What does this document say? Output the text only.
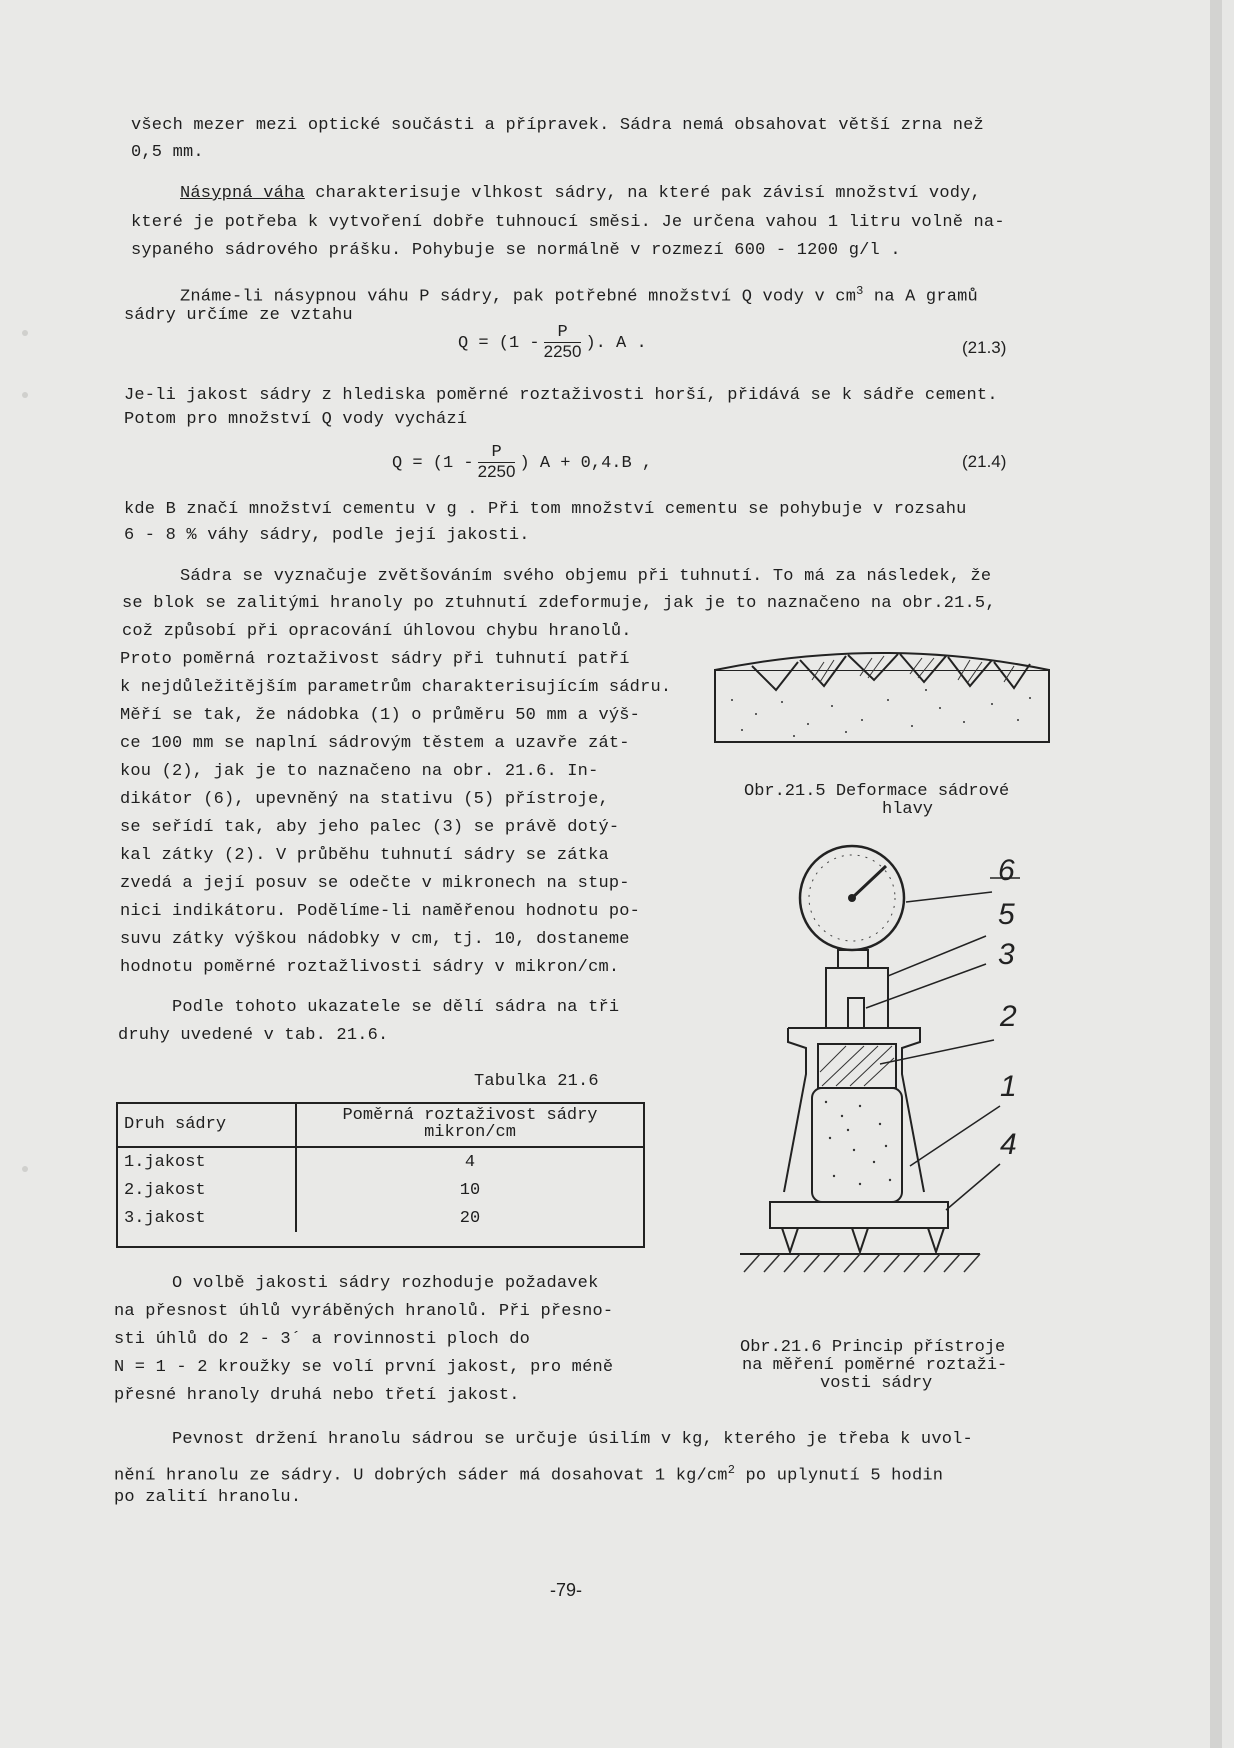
všech mezer mezi optické součásti a přípravek. Sádra nemá obsahovat větší zrna než
0,5 mm.
Násypná váha charakterisuje vlhkost sádry, na které pak závisí množství vody,
které je potřeba k vytvoření dobře tuhnoucí směsi. Je určena vahou 1 litru volně na-
sypaného sádrového prášku. Pohybuje se normálně v rozmezí 600 - 1200 g/l .
Známe-li násypnou váhu P sádry, pak potřebné množství Q vody v $cm^3$ na A gramů
sádry určíme ze vztahu
$Q = (1 - \frac{P}{2250}$ ). A .	(21.3)
Je-li jakost sádry z hlediska poměrné roztaživosti horší, přidává se k sádře cement.
Potom pro množství Q vody vychází
$Q = (1 - \frac{P}{2250}$ ) A + 0,4.B ,	(21.4)
kde B značí množství cementu v g . Při tom množství cementu se pohybuje v rozsahu
6 - 8 % váhy sádry, podle její jakosti.
Sádra se vyznačuje zvětšováním svého objemu při tuhnutí. To má za následek, že
se blok se zalitými hranoly po ztuhnutí zdeformuje, jak je to naznačeno na obr.21.5,
což způsobí při opracování úhlovou chybu hranolů.
Proto poměrná roztaživost sádry při tuhnutí patří
k nejdůležitějším parametrům charakterisujícím sádru.
Měří se tak, že nádobka (1) o průměru 50 mm a výš-
ce 100 mm se naplní sádrovým těstem a uzavře zát-
kou (2), jak je to naznačeno na obr. 21.6. In-
dikátor (6), upevněný na stativu (5) přístroje,
se seřídí tak, aby jeho palec (3) se právě dotý-
kal zátky (2). V průběhu tuhnutí sádry se zátka
zvedá a její posuv se odečte v mikronech na stup-
nici indikátoru. Podělíme-li naměřenou hodnotu po-
suvu zátky výškou nádobky v cm, tj. 10, dostaneme
hodnotu poměrné roztažlivosti sádry v mikron/cm.
Podle tohoto ukazatele se dělí sádra na tři
druhy uvedené v tab. 21.6.
Tabulka 21.6
Druh sádry	Poměrná roztaživost sádry
mikron/cm
1.jakost	4
2.jakost	10
3.jakost	20
O volbě jakosti sádry rozhoduje požadavek
na přesnost úhlů vyráběných hranolů. Při přesno-
sti úhlů do 2 - 3´ a rovinnosti ploch do
N = 1 - 2 kroužky se volí první jakost, pro méně
přesné hranoly druhá nebo třetí jakost.
Pevnost držení hranolu sádrou se určuje úsilím v kg, kterého je třeba k uvol-
nění hranolu ze sádry. U dobrých sáder má dosahovat 1 $kg/cm^2$ po uplynutí 5 hodin
po zalití hranolu.
Obr.21.5 Deformace sádrové
hlavy
6
5
3
2
1
4
Obr.21.6 Princip přístroje
na měření poměrné roztaži-
vosti sádry
-79-
